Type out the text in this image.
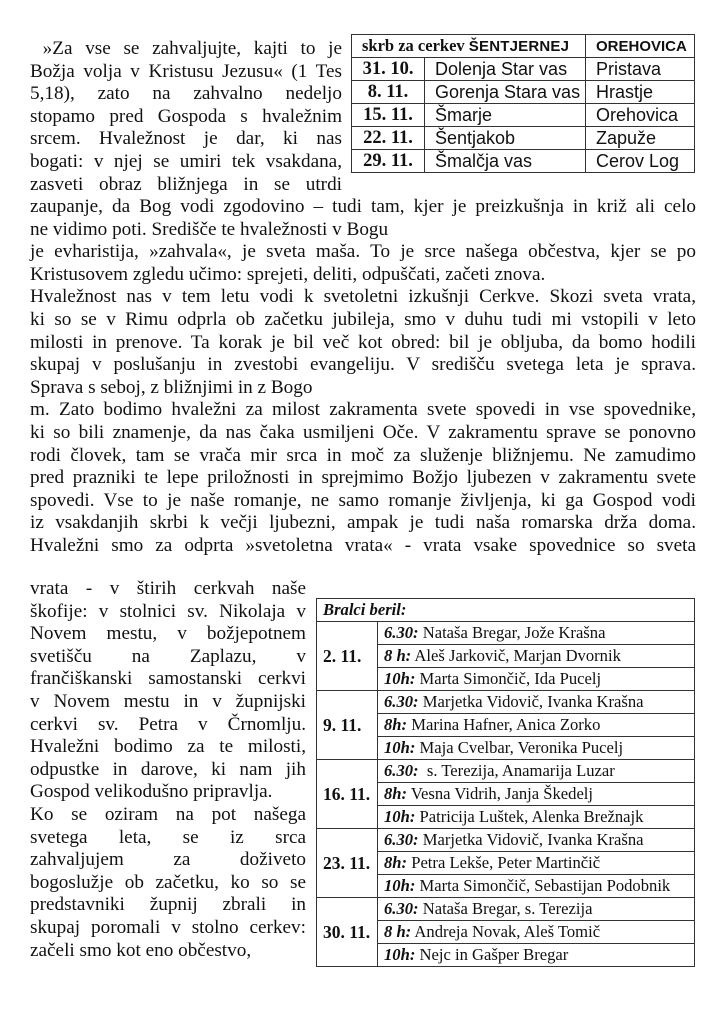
»Za vse se zahvaljujte, kajti to je
Božja volja v Kristusu Jezusu« (1 Tes
5,18), zato na zahvalno nedeljo
stopamo pred Gospoda s hvaležnim
srcem. Hvaležnost je dar, ki nas
bogati: v njej se umiri tek vsakdana,
zasveti obraz bližnjega in se utrdi
skrb za cerkev ŠENTJERNEJ		OREHOVICA
31. 10.	Dolenja Star vas	Pristava
8. 11.	Gorenja Stara vas	Hrastje
15. 11.	Šmarje	Orehovica
22. 11.	Šentjakob	Zapuže
29. 11.	Šmalčja vas	Cerov Log
zaupanje, da Bog vodi zgodovino – tudi tam, kjer je preizkušnja in križ ali celo
ne vidimo poti. Središče te hvaležnosti v Bogu
je evharistija, »zahvala«, je sveta maša. To je srce našega občestva, kjer se po
Kristusovem zgledu učimo: sprejeti, deliti, odpuščati, začeti znova.
Hvaležnost nas v tem letu vodi k svetoletni izkušnji Cerkve. Skozi sveta vrata,
ki so se v Rimu odprla ob začetku jubileja, smo v duhu tudi mi vstopili v leto
milosti in prenove. Ta korak je bil več kot obred: bil je obljuba, da bomo hodili
skupaj v poslušanju in zvestobi evangeliju. V središču svetega leta je sprava.
Sprava s seboj, z bližnjimi in z Bogo
m. Zato bodimo hvaležni za milost zakramenta svete spovedi in vse spovednike,
ki so bili znamenje, da nas čaka usmiljeni Oče. V zakramentu sprave se ponovno
rodi človek, tam se vrača mir srca in moč za služenje bližnjemu. Ne zamudimo
pred prazniki te lepe priložnosti in sprejmimo Božjo ljubezen v zakramentu svete
spovedi. Vse to je naše romanje, ne samo romanje življenja, ki ga Gospod vodi
iz vsakdanjih skrbi k večji ljubezni, ampak je tudi naša romarska drža doma.
Hvaležni smo za odprta »svetoletna vrata« - vrata vsake spovednice so sveta
vrata - v štirih cerkvah naše
škofije: v stolnici sv. Nikolaja v
Novem mestu, v božjepotnem
svetišču na Zaplazu, v
frančiškanski samostanski cerkvi
v Novem mestu in v župnijski
cerkvi sv. Petra v Črnomlju.
Hvaležni bodimo za te milosti,
odpustke in darove, ki nam jih
Gospod velikodušno pripravlja.
Ko se oziram na pot našega
svetega leta, se iz srca
zahvaljujem za doživeto
bogoslužje ob začetku, ko so se
predstavniki župnij zbrali in
skupaj poromali v stolno cerkev:
začeli smo kot eno občestvo,
Bralci beril:	
2. 11.	6.30: Nataša Bregar, Jože Krašna
	8 h: Aleš Jarkovič, Marjan Dvornik
	10h: Marta Simončič, Ida Pucelj
9. 11.	6.30: Marjetka Vidovič, Ivanka Krašna
	8h: Marina Hafner, Anica Zorko
	10h: Maja Cvelbar, Veronika Pucelj
16. 11.	6.30:  s. Terezija, Anamarija Luzar
	8h: Vesna Vidrih, Janja Škedelj
	10h: Patricija Luštek, Alenka Brežnajk
23. 11.	6.30: Marjetka Vidovič, Ivanka Krašna
	8h: Petra Lekše, Peter Martinčič
	10h: Marta Simončič, Sebastijan Podobnik
30. 11.	6.30: Nataša Bregar, s. Terezija
	8 h: Andreja Novak, Aleš Tomič
	10h: Nejc in Gašper Bregar
